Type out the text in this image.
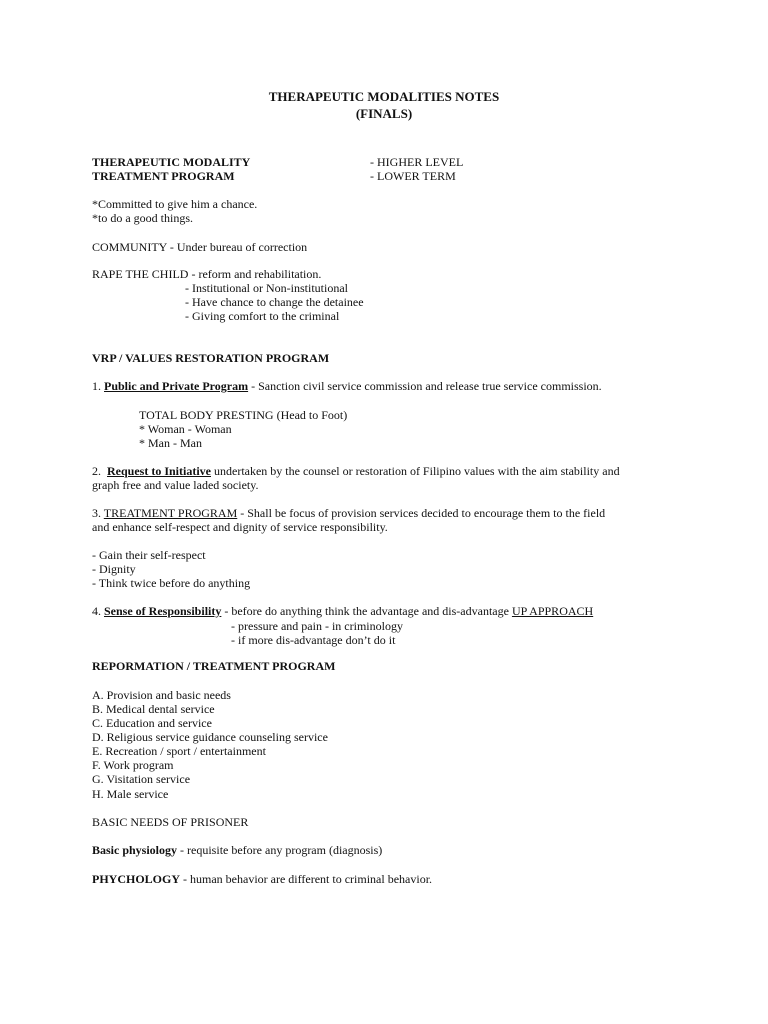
THERAPEUTIC MODALITIES NOTES
(FINALS)
THERAPEUTIC MODALITY	- HIGHER LEVEL
TREATMENT PROGRAM	- LOWER TERM
*Committed to give him a chance.
*to do a good things.
COMMUNITY - Under bureau of correction
RAPE THE CHILD - reform and rehabilitation.
- Institutional or Non-institutional
- Have chance to change the detainee
- Giving comfort to the criminal
VRP / VALUES RESTORATION PROGRAM
1. Public and Private Program - Sanction civil service commission and release true service commission.
TOTAL BODY PRESTING (Head to Foot)
* Woman - Woman
* Man - Man
2. Request to Initiative undertaken by the counsel or restoration of Filipino values with the aim stability and
graph free and value laded society.
3. TREATMENT PROGRAM - Shall be focus of provision services decided to encourage them to the field
and enhance self-respect and dignity of service responsibility.
- Gain their self-respect
- Dignity
- Think twice before do anything
4. Sense of Responsibility - before do anything think the advantage and dis-advantage UP APPROACH
- pressure and pain - in criminology
- if more dis-advantage don’t do it
REPORMATION / TREATMENT PROGRAM
A. Provision and basic needs
B. Medical dental service
C. Education and service
D. Religious service guidance counseling service
E. Recreation / sport / entertainment
F. Work program
G. Visitation service
H. Male service
BASIC NEEDS OF PRISONER
Basic physiology - requisite before any program (diagnosis)
PHYCHOLOGY - human behavior are different to criminal behavior.
